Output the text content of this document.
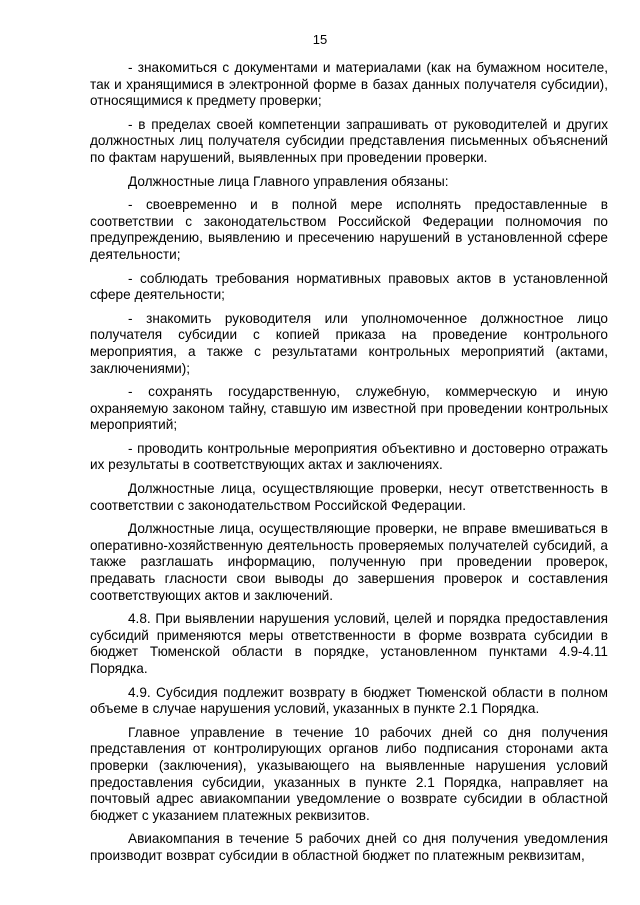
15

- знакомиться с документами и материалами (как на бумажном носителе, так и хранящимися в электронной форме в базах данных получателя субсидии), относящимися к предмету проверки;

- в пределах своей компетенции запрашивать от руководителей и других должностных лиц получателя субсидии представления письменных объяснений по фактам нарушений, выявленных при проведении проверки.

Должностные лица Главного управления обязаны:

- своевременно и в полной мере исполнять предоставленные в соответствии с законодательством Российской Федерации полномочия по предупреждению, выявлению и пресечению нарушений в установленной сфере деятельности;

- соблюдать требования нормативных правовых актов в установленной сфере деятельности;

- знакомить руководителя или уполномоченное должностное лицо получателя субсидии с копией приказа на проведение контрольного мероприятия, а также с результатами контрольных мероприятий (актами, заключениями);

- сохранять государственную, служебную, коммерческую и иную охраняемую законом тайну, ставшую им известной при проведении контрольных мероприятий;

- проводить контрольные мероприятия объективно и достоверно отражать их результаты в соответствующих актах и заключениях.

Должностные лица, осуществляющие проверки, несут ответственность в соответствии с законодательством Российской Федерации.

Должностные лица, осуществляющие проверки, не вправе вмешиваться в оперативно-хозяйственную деятельность проверяемых получателей субсидий, а также разглашать информацию, полученную при проведении проверок, предавать гласности свои выводы до завершения проверок и составления соответствующих актов и заключений.

4.8. При выявлении нарушения условий, целей и порядка предоставления субсидий применяются меры ответственности в форме возврата субсидии в бюджет Тюменской области в порядке, установленном пунктами 4.9-4.11 Порядка.

4.9. Субсидия подлежит возврату в бюджет Тюменской области в полном объеме в случае нарушения условий, указанных в пункте 2.1 Порядка.

Главное управление в течение 10 рабочих дней со дня получения представления от контролирующих органов либо подписания сторонами акта проверки (заключения), указывающего на выявленные нарушения условий предоставления субсидии, указанных в пункте 2.1 Порядка, направляет на почтовый адрес авиакомпании уведомление о возврате субсидии в областной бюджет с указанием платежных реквизитов.

Авиакомпания в течение 5 рабочих дней со дня получения уведомления производит возврат субсидии в областной бюджет по платежным реквизитам,
